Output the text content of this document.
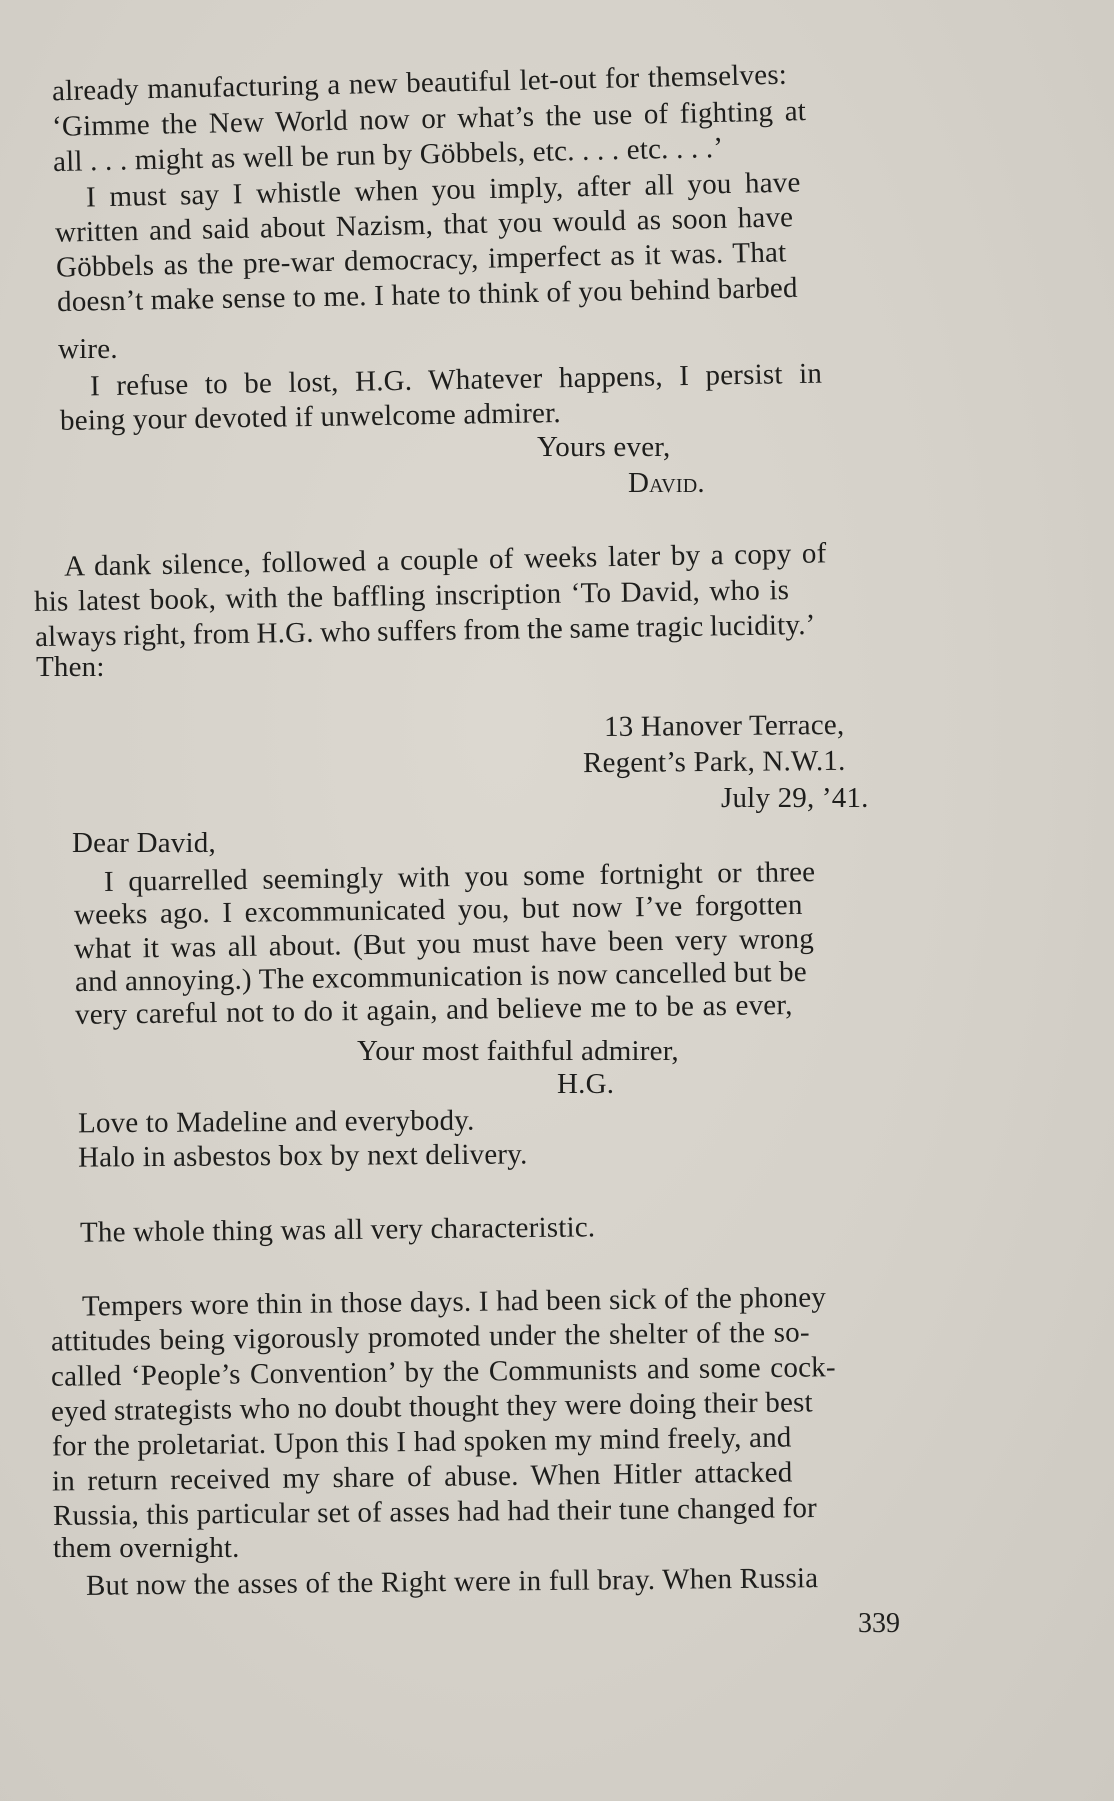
already manufacturing a new beautiful let-out for themselves:
‘Gimme the New World now or what’s the use of fighting at
all . . . might as well be run by Göbbels, etc. . . . etc. . . .’
I must say I whistle when you imply, after all you have
written and said about Nazism, that you would as soon have
Göbbels as the pre-war democracy, imperfect as it was. That
doesn’t make sense to me. I hate to think of you behind barbed
wire.
I refuse to be lost, H.G. Whatever happens, I persist in
being your devoted if unwelcome admirer.
Yours ever,
David.
A dank silence, followed a couple of weeks later by a copy of
his latest book, with the baffling inscription ‘To David, who is
always right, from H.G. who suffers from the same tragic lucidity.’
Then:
13 Hanover Terrace,
Regent’s Park, N.W.1.
July 29, ’41.
Dear David,
I quarrelled seemingly with you some fortnight or three
weeks ago. I excommunicated you, but now I’ve forgotten
what it was all about. (But you must have been very wrong
and annoying.) The excommunication is now cancelled but be
very careful not to do it again, and believe me to be as ever,
Your most faithful admirer,
H.G.
Love to Madeline and everybody.
Halo in asbestos box by next delivery.
The whole thing was all very characteristic.
Tempers wore thin in those days. I had been sick of the phoney
attitudes being vigorously promoted under the shelter of the so-
called ‘People’s Convention’ by the Communists and some cock-
eyed strategists who no doubt thought they were doing their best
for the proletariat. Upon this I had spoken my mind freely, and
in return received my share of abuse. When Hitler attacked
Russia, this particular set of asses had had their tune changed for
them overnight.
But now the asses of the Right were in full bray. When Russia
339
